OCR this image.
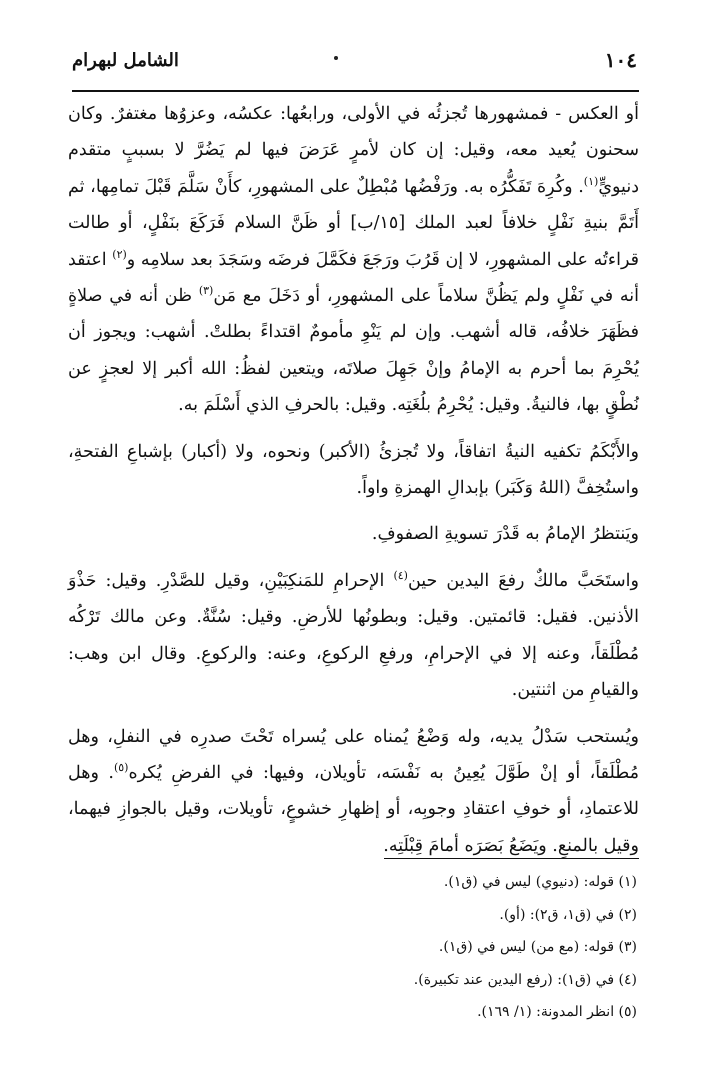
١٠٤
الشامل لبهرام

أو العكس - فمشهورها تُجزئُه في الأولى، ورابعُها: عكسُه، وعزوُها مغتفرٌ. وكان سحنون يُعيد معه، وقيل: إن كان لأمرٍ عَرَضَ فيها لم يَضُرَّ لا بسببٍ متقدم دنيويٍّ$^{(١)}$. وكُرِهَ تَفَكُّرُه به. ورَفْضُها مُبْطِلٌ على المشهورِ، كأَنْ سَلَّمَ قَبْلَ تمامِها، ثم أَتَمَّ بنيةِ نَفْلٍ خلافاً لعبد الملك [١٥/ب] أو ظَنَّ السلام فَرَكَعَ بنَفْلٍ، أو طالت قراءتُه على المشهورِ، لا إن قَرُبَ ورَجَعَ فكَمَّلَ فرضَه وسَجَدَ بعد سلامِه و$^{(٢)}$ اعتقد أنه في نَفْلٍ ولم يَظُنَّ سلاماً على المشهورِ، أو دَخَلَ مع مَن$^{(٣)}$ ظن أنه في صلاةٍ فظَهَرَ خلافُه، قاله أشهب. وإن لم يَنْوِ مأمومٌ اقتداءً بطلتْ. أشهب: ويجوز أن يُحْرِمَ بما أحرم به الإمامُ وإنْ جَهِلَ صلاتَه، ويتعين لفظُ: الله أكبر إلا لعجزٍ عن نُطْقٍ بها، فالنيةُ. وقيل: يُحْرِمُ بلُغَتِه. وقيل: بالحرفِ الذي أَسْلَمَ به.

والأَبْكَمُ تكفيه النيةُ اتفاقاً، ولا تُجزئُ (الأكبر) ونحوه، ولا (أكبار) بإشباعِ الفتحةِ، واستُخِفَّ (اللهُ وَكَبَر) بإبدالِ الهمزةِ واواً.

ويَنتظرُ الإمامُ به قَدْرَ تسويةِ الصفوفِ.

واستَحَبَّ مالكٌ رفعَ اليدين حين$^{(٤)}$ الإحرامِ للمَنكِبَيْنِ، وقيل للصَّدْرِ. وقيل: حَذْوَ الأذنين. فقيل: قائمتين. وقيل: وبطونُها للأرضِ. وقيل: سُنَّةٌ. وعن مالك تَرْكُه مُطْلَقاً، وعنه إلا في الإحرامِ، ورفعِ الركوعِ، وعنه: والركوعِ. وقال ابن وهب: والقيامِ من اثنتين.

ويُستحب سَدْلُ يديه، وله وَضْعُ يُمناه على يُسراه تَحْتَ صدرِه في النفلِ، وهل مُطْلَقاً، أو إنْ طَوَّلَ يُعِينُ به نَفْسَه، تأويلان، وفيها: في الفرضِ يُكره$^{(٥)}$. وهل للاعتمادِ، أو خوفِ اعتقادِ وجوبِه، أو إظهارِ خشوعٍ، تأويلات، وقيل بالجوازِ فيهما، وقيل بالمنعِ. ويَضَعُ بَصَرَه أمامَ قِبْلَتِه.

(١) قوله: (دنيوي) ليس في (ق١).
(٢) في (ق١، ق٢): (أو).
(٣) قوله: (مع من) ليس في (ق١).
(٤) في (ق١): (رفع اليدين عند تكبيرة).
(٥) انظر المدونة: (١/ ١٦٩).
